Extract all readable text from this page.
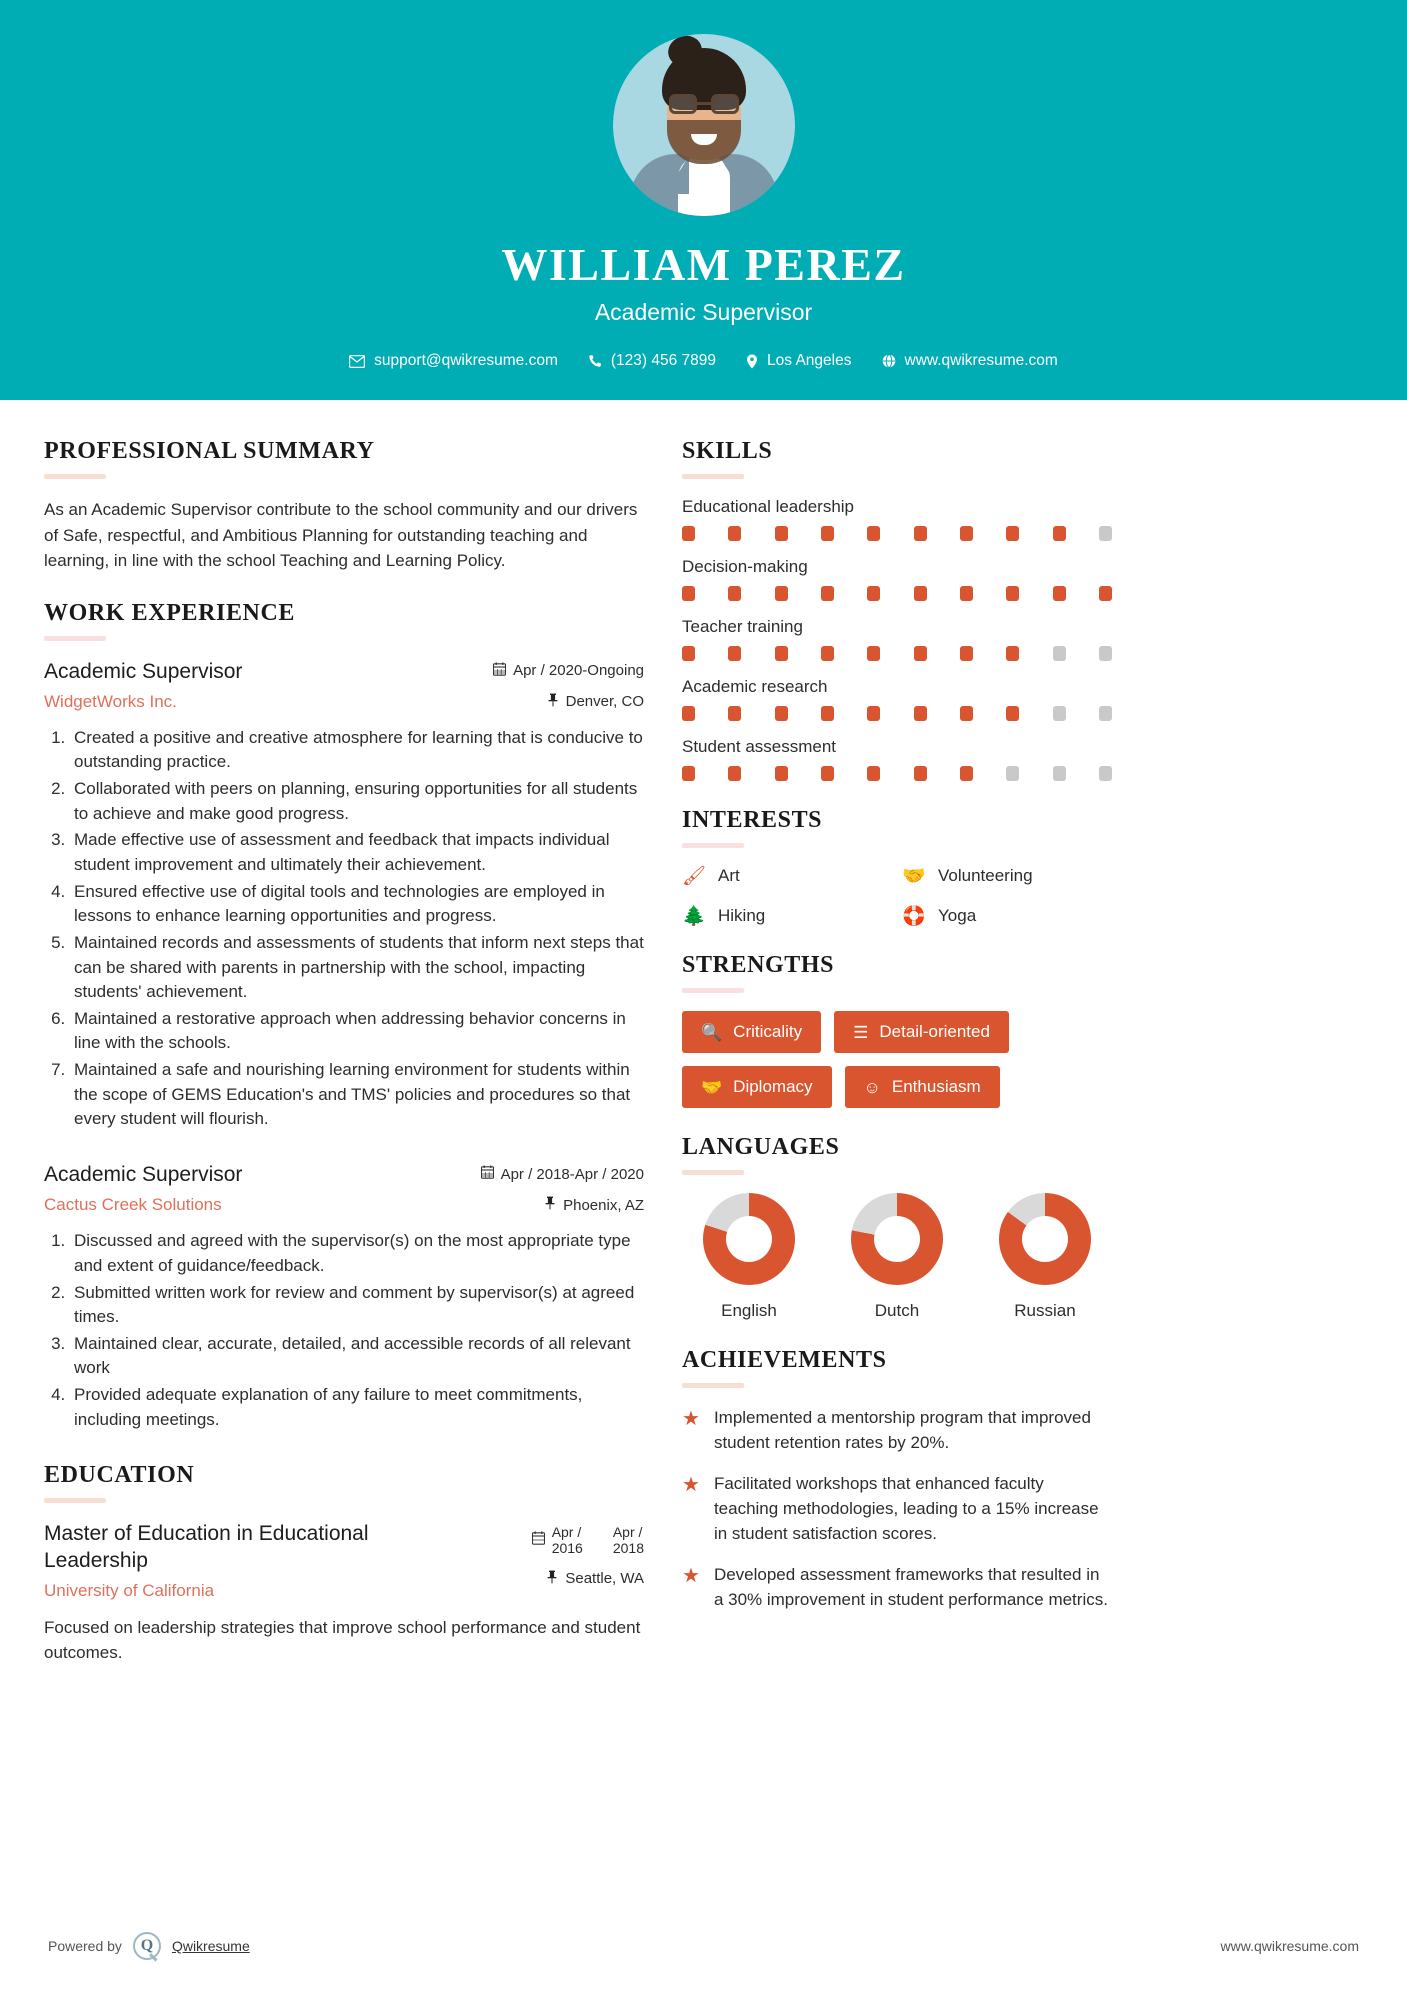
WILLIAM PEREZ
Academic Supervisor
support@qwikresume.com	(123) 456 7899	Los Angeles	www.qwikresume.com
PROFESSIONAL SUMMARY
As an Academic Supervisor contribute to the school community and our drivers of Safe, respectful, and Ambitious Planning for outstanding teaching and learning, in line with the school Teaching and Learning Policy.
WORK EXPERIENCE
Academic Supervisor
WidgetWorks Inc.
Apr / 2020-Ongoing
Denver, CO
1. Created a positive and creative atmosphere for learning that is conducive to outstanding practice.
2. Collaborated with peers on planning, ensuring opportunities for all students to achieve and make good progress.
3. Made effective use of assessment and feedback that impacts individual student improvement and ultimately their achievement.
4. Ensured effective use of digital tools and technologies are employed in lessons to enhance learning opportunities and progress.
5. Maintained records and assessments of students that inform next steps that can be shared with parents in partnership with the school, impacting students' achievement.
6. Maintained a restorative approach when addressing behavior concerns in line with the schools.
7. Maintained a safe and nourishing learning environment for students within the scope of GEMS Education's and TMS' policies and procedures so that every student will flourish.
Academic Supervisor
Cactus Creek Solutions
Apr / 2018-Apr / 2020
Phoenix, AZ
1. Discussed and agreed with the supervisor(s) on the most appropriate type and extent of guidance/feedback.
2. Submitted written work for review and comment by supervisor(s) at agreed times.
3. Maintained clear, accurate, detailed, and accessible records of all relevant work
4. Provided adequate explanation of any failure to meet commitments, including meetings.
EDUCATION
Master of Education in Educational Leadership
University of California
Apr /
2016
Apr /
2018
Seattle, WA
Focused on leadership strategies that improve school performance and student outcomes.
SKILLS
Educational leadership
Decision-making
Teacher training
Academic research
Student assessment
INTERESTS
🖌 Art	🤝 Volunteering
🌲 Hiking	🛟 Yoga
STRENGTHS
🔍 Criticality	☰ Detail-oriented
🤝 Diplomacy	☺ Enthusiasm
LANGUAGES
English	Dutch	Russian
ACHIEVEMENTS
★ Implemented a mentorship program that improved student retention rates by 20%.
★ Facilitated workshops that enhanced faculty teaching methodologies, leading to a 15% increase in student satisfaction scores.
★ Developed assessment frameworks that resulted in a 30% improvement in student performance metrics.
Powered by	Q	Qwikresume	www.qwikresume.com
